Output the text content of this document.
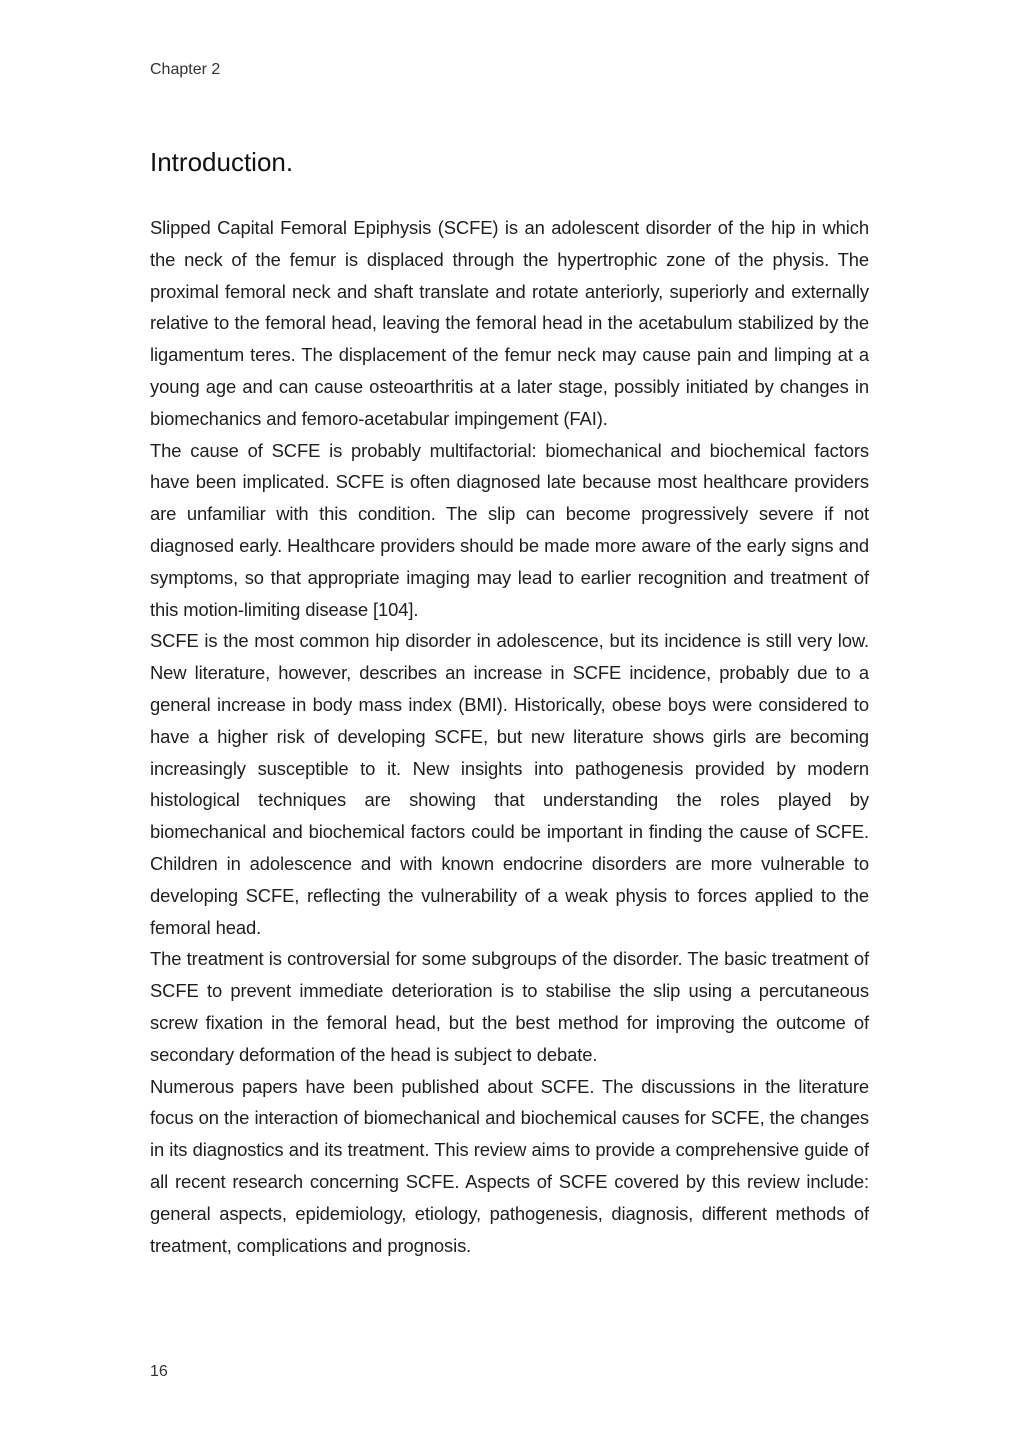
Chapter 2
Introduction.

Slipped Capital Femoral Epiphysis (SCFE) is an adolescent disorder of the hip in which the neck of the femur is displaced through the hypertrophic zone of the physis. The proximal femoral neck and shaft translate and rotate anteriorly, superiorly and externally relative to the femoral head, leaving the femoral head in the acetabulum stabilized by the ligamentum teres. The displacement of the femur neck may cause pain and limping at a young age and can cause osteoarthritis at a later stage, possibly initiated by changes in biomechanics and femoro-acetabular impingement (FAI).

The cause of SCFE is probably multifactorial: biomechanical and biochemical factors have been implicated. SCFE is often diagnosed late because most healthcare providers are unfamiliar with this condition. The slip can become progressively severe if not diagnosed early. Healthcare providers should be made more aware of the early signs and symptoms, so that appropriate imaging may lead to earlier recognition and treatment of this motion-limiting disease [104].

SCFE is the most common hip disorder in adolescence, but its incidence is still very low. New literature, however, describes an increase in SCFE incidence, probably due to a general increase in body mass index (BMI). Historically, obese boys were considered to have a higher risk of developing SCFE, but new literature shows girls are becoming increasingly susceptible to it. New insights into pathogenesis provided by modern histological techniques are showing that understanding the roles played by biomechanical and biochemical factors could be important in finding the cause of SCFE. Children in adolescence and with known endocrine disorders are more vulnerable to developing SCFE, reflecting the vulnerability of a weak physis to forces applied to the femoral head.

The treatment is controversial for some subgroups of the disorder. The basic treatment of SCFE to prevent immediate deterioration is to stabilise the slip using a percutaneous screw fixation in the femoral head, but the best method for improving the outcome of secondary deformation of the head is subject to debate.

Numerous papers have been published about SCFE. The discussions in the literature focus on the interaction of biomechanical and biochemical causes for SCFE, the changes in its diagnostics and its treatment. This review aims to provide a comprehensive guide of all recent research concerning SCFE. Aspects of SCFE covered by this review include: general aspects, epidemiology, etiology, pathogenesis, diagnosis, different methods of treatment, complications and prognosis.

16
